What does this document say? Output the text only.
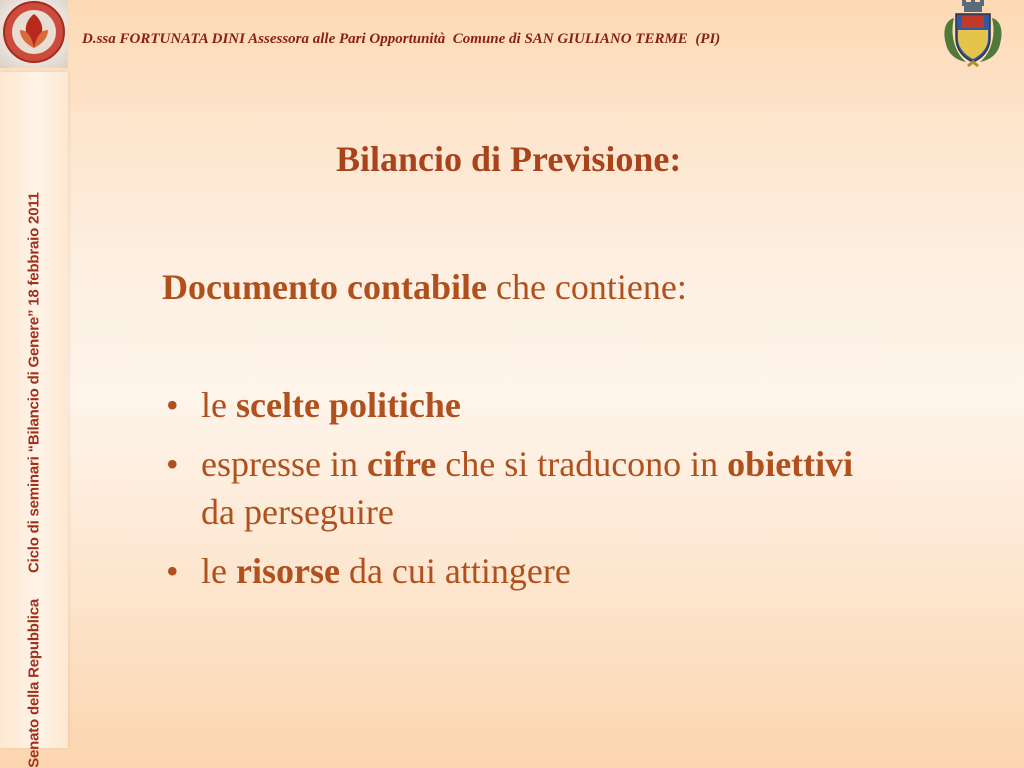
D.ssa FORTUNATA DINI Assessora alle Pari Opportunità  Comune di SAN GIULIANO TERME  (PI)
Senato della RepubblicaCiclo di seminari “Bilancio di Genere” 18 febbraio 2011
Bilancio di Previsione:
Documento contabile che contiene:
• le scelte politiche
• espresse in cifre che si traducono in obiettivi da perseguire
• le risorse da cui attingere
